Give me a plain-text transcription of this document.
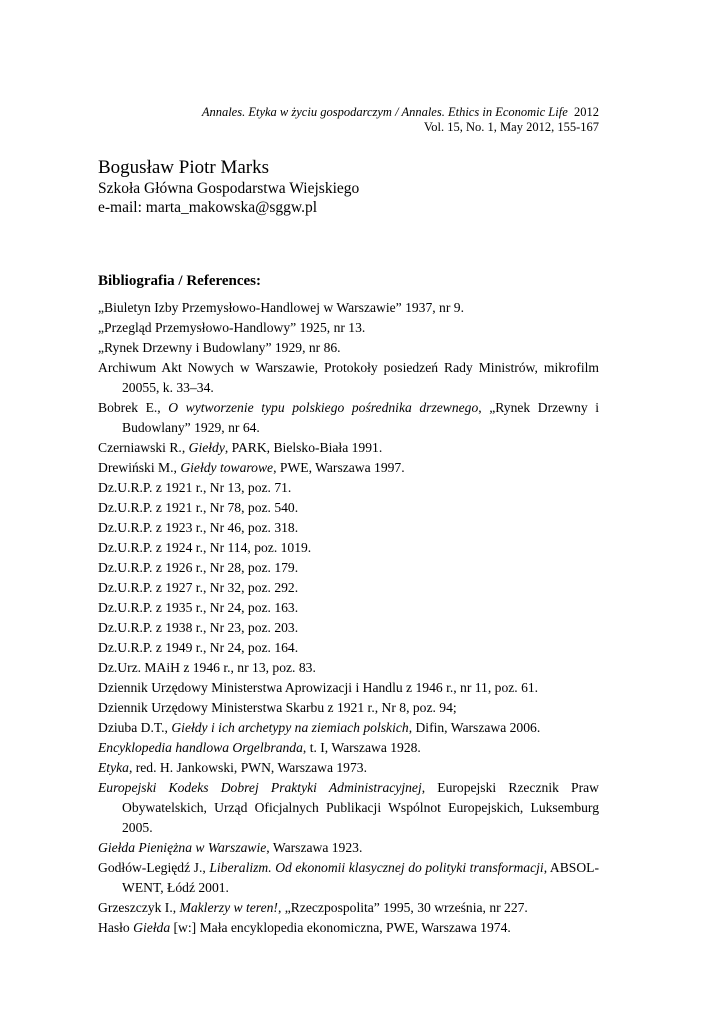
Annales. Etyka w życiu gospodarczym / Annales. Ethics in Economic Life 2012
Vol. 15, No. 1, May 2012, 155-167
Bogusław Piotr Marks
Szkoła Główna Gospodarstwa Wiejskiego
e-mail: marta_makowska@sggw.pl
Bibliografia / References:
„Biuletyn Izby Przemysłowo-Handlowej w Warszawie” 1937, nr 9.
„Przegląd Przemysłowo-Handlowy” 1925, nr 13.
„Rynek Drzewny i Budowlany” 1929, nr 86.
Archiwum Akt Nowych w Warszawie, Protokoły posiedzeń Rady Ministrów, mikrofilm 20055, k. 33–34.
Bobrek E., O wytworzenie typu polskiego pośrednika drzewnego, „Rynek Drzewny i Budowlany” 1929, nr 64.
Czerniawski R., Giełdy, PARK, Bielsko-Biała 1991.
Drewiński M., Giełdy towarowe, PWE, Warszawa 1997.
Dz.U.R.P. z 1921 r., Nr 13, poz. 71.
Dz.U.R.P. z 1921 r., Nr 78, poz. 540.
Dz.U.R.P. z 1923 r., Nr 46, poz. 318.
Dz.U.R.P. z 1924 r., Nr 114, poz. 1019.
Dz.U.R.P. z 1926 r., Nr 28, poz. 179.
Dz.U.R.P. z 1927 r., Nr 32, poz. 292.
Dz.U.R.P. z 1935 r., Nr 24, poz. 163.
Dz.U.R.P. z 1938 r., Nr 23, poz. 203.
Dz.U.R.P. z 1949 r., Nr 24, poz. 164.
Dz.Urz. MAiH z 1946 r., nr 13, poz. 83.
Dziennik Urzędowy Ministerstwa Aprowizacji i Handlu z 1946 r., nr 11, poz. 61.
Dziennik Urzędowy Ministerstwa Skarbu z 1921 r., Nr 8, poz. 94;
Dziuba D.T., Giełdy i ich archetypy na ziemiach polskich, Difin, Warszawa 2006.
Encyklopedia handlowa Orgelbranda, t. I, Warszawa 1928.
Etyka, red. H. Jankowski, PWN, Warszawa 1973.
Europejski Kodeks Dobrej Praktyki Administracyjnej, Europejski Rzecznik Praw Obywatelskich, Urząd Oficjalnych Publikacji Wspólnot Europejskich, Luksemburg 2005.
Giełda Pieniężna w Warszawie, Warszawa 1923.
Godłów-Legiędź J., Liberalizm. Od ekonomii klasycznej do polityki transformacji, ABSOL-WENT, Łódź 2001.
Grzeszczyk I., Maklerzy w teren!, „Rzeczpospolita” 1995, 30 września, nr 227.
Hasło Giełda [w:] Mała encyklopedia ekonomiczna, PWE, Warszawa 1974.
